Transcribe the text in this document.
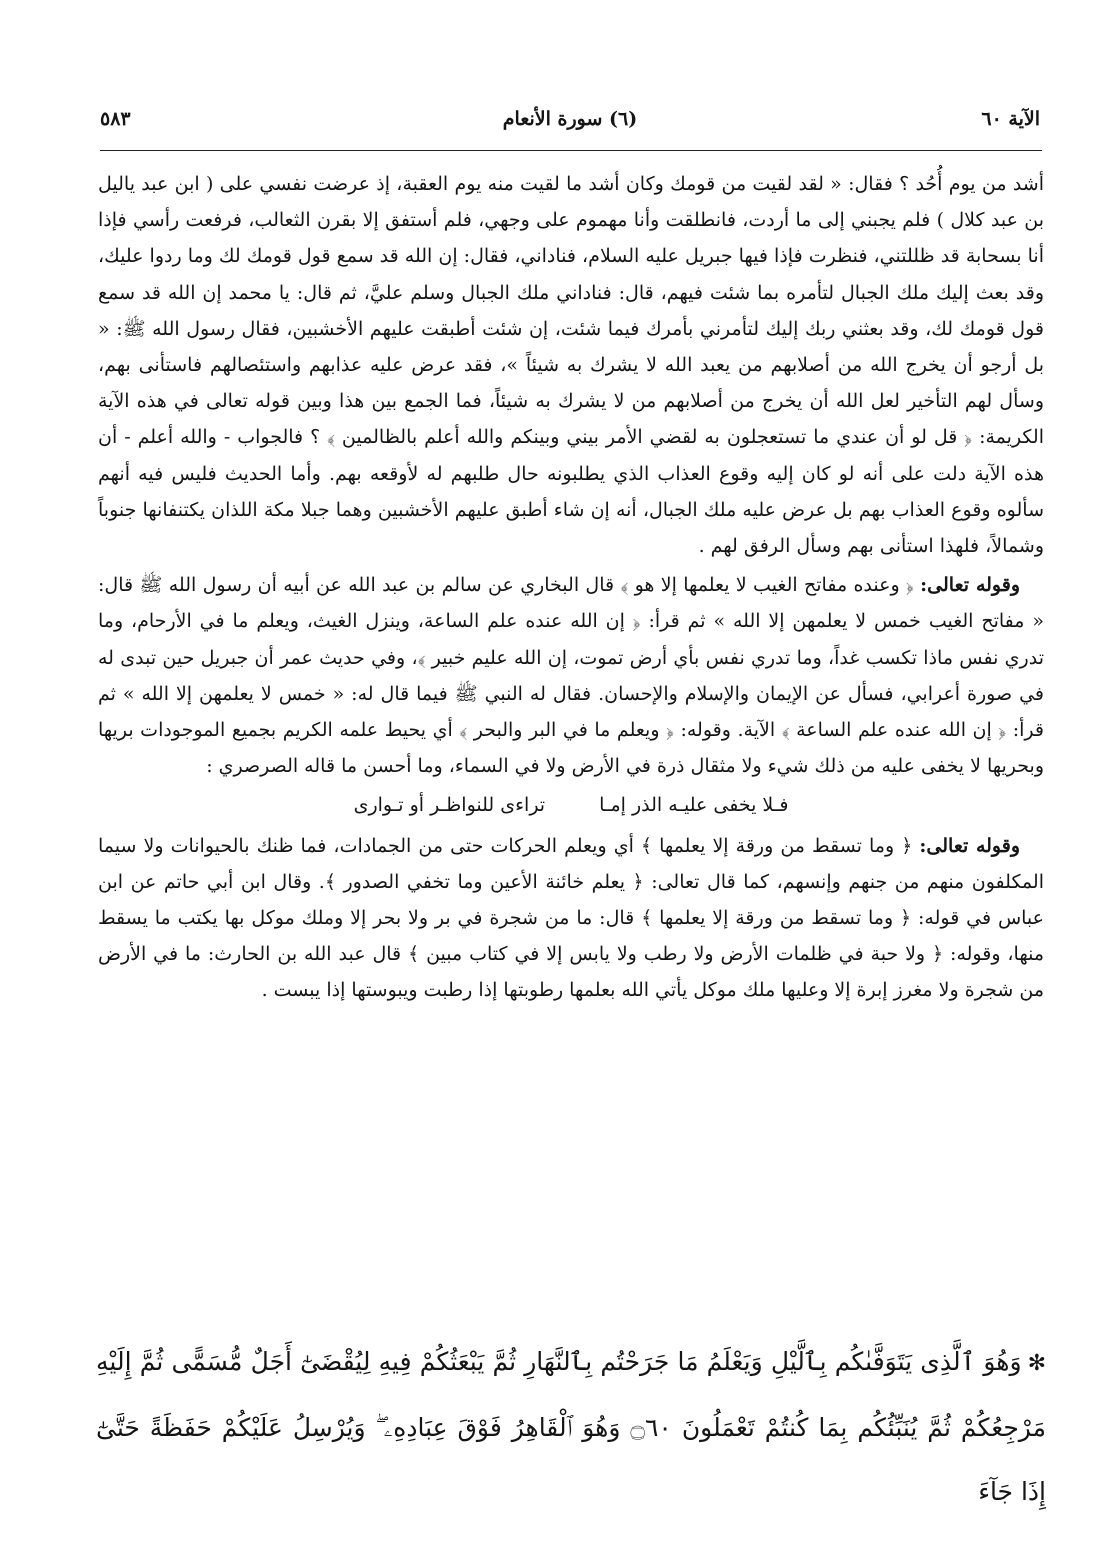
الآية ٦٠
(٦) سورة الأنعام
٥٨٣

أشد من يوم أُحُد ؟ فقال: « لقد لقيت من قومك وكان أشد ما لقيت منه يوم العقبة، إذ عرضت نفسي على ( ابن عبد ياليل بن عبد كلال ) فلم يجبني إلى ما أردت، فانطلقت وأنا مهموم على وجهي، فلم أستفق إلا بقرن الثعالب، فرفعت رأسي فإذا أنا بسحابة قد ظللتني، فنظرت فإذا فيها جبريل عليه السلام، فناداني، فقال: إن الله قد سمع قول قومك لك وما ردوا عليك، وقد بعث إليك ملك الجبال لتأمره بما شئت فيهم، قال: فناداني ملك الجبال وسلم عليَّ، ثم قال: يا محمد إن الله قد سمع قول قومك لك، وقد بعثني ربك إليك لتأمرني بأمرك فيما شئت، إن شئت أطبقت عليهم الأخشبين، فقال رسول الله ﷺ: « بل أرجو أن يخرج الله من أصلابهم من يعبد الله لا يشرك به شيئاً »، فقد عرض عليه عذابهم واستئصالهم فاستأنى بهم، وسأل لهم التأخير لعل الله أن يخرج من أصلابهم من لا يشرك به شيئاً، فما الجمع بين هذا وبين قوله تعالى في هذه الآية الكريمة: ﴿ قل لو أن عندي ما تستعجلون به لقضي الأمر بيني وبينكم والله أعلم بالظالمين ﴾ ؟ فالجواب - والله أعلم - أن هذه الآية دلت على أنه لو كان إليه وقوع العذاب الذي يطلبونه حال طلبهم له لأوقعه بهم. وأما الحديث فليس فيه أنهم سألوه وقوع العذاب بهم بل عرض عليه ملك الجبال، أنه إن شاء أطبق عليهم الأخشبين وهما جبلا مكة اللذان يكتنفانها جنوباً وشمالاً، فلهذا استأنى بهم وسأل الرفق لهم .

وقوله تعالى: ﴿ وعنده مفاتح الغيب لا يعلمها إلا هو ﴾ قال البخاري عن سالم بن عبد الله عن أبيه أن رسول الله ﷺ قال: « مفاتح الغيب خمس لا يعلمهن إلا الله » ثم قرأ: ﴿ إن الله عنده علم الساعة، وينزل الغيث، ويعلم ما في الأرحام، وما تدري نفس ماذا تكسب غداً، وما تدري نفس بأي أرض تموت، إن الله عليم خبير ﴾، وفي حديث عمر أن جبريل حين تبدى له في صورة أعرابي، فسأل عن الإيمان والإسلام والإحسان. فقال له النبي ﷺ فيما قال له: « خمس لا يعلمهن إلا الله » ثم قرأ: ﴿ إن الله عنده علم الساعة ﴾ الآية. وقوله: ﴿ ويعلم ما في البر والبحر ﴾ أي يحيط علمه الكريم بجميع الموجودات بريها وبحريها لا يخفى عليه من ذلك شيء ولا مثقال ذرة في الأرض ولا في السماء، وما أحسن ما قاله الصرصري :

فـلا يخفى عليـه الذر إمـا
تراءى للنواظـر أو تـوارى

وقوله تعالى: ﴿ وما تسقط من ورقة إلا يعلمها ﴾ أي ويعلم الحركات حتى من الجمادات، فما ظنك بالحيوانات ولا سيما المكلفون منهم من جنهم وإنسهم، كما قال تعالى: ﴿ يعلم خائنة الأعين وما تخفي الصدور ﴾. وقال ابن أبي حاتم عن ابن عباس في قوله: ﴿ وما تسقط من ورقة إلا يعلمها ﴾ قال: ما من شجرة في بر ولا بحر إلا وملك موكل بها يكتب ما يسقط منها، وقوله: ﴿ ولا حبة في ظلمات الأرض ولا رطب ولا يابس إلا في كتاب مبين ﴾ قال عبد الله بن الحارث: ما في الأرض من شجرة ولا مغرز إبرة إلا وعليها ملك موكل يأتي الله بعلمها رطوبتها إذا رطبت ويبوستها إذا يبست .

✻وَهُوَ ٱلَّذِى يَتَوَفَّىٰكُم بِٱلَّيْلِ وَيَعْلَمُ مَا جَرَحْتُم بِٱلنَّهَارِ ثُمَّ يَبْعَثُكُمْ فِيهِ لِيُقْضَىٰٓ أَجَلٌ مُّسَمًّى ثُمَّ إِلَيْهِ مَرْجِعُكُمْ ثُمَّ يُنَبِّئُكُم بِمَا كُنتُمْ تَعْمَلُونَ ۝٦٠ وَهُوَ ٱلْقَاهِرُ فَوْقَ عِبَادِهِۦ ۖ وَيُرْسِلُ عَلَيْكُمْ حَفَظَةً حَتَّىٰٓ إِذَا جَآءَ
